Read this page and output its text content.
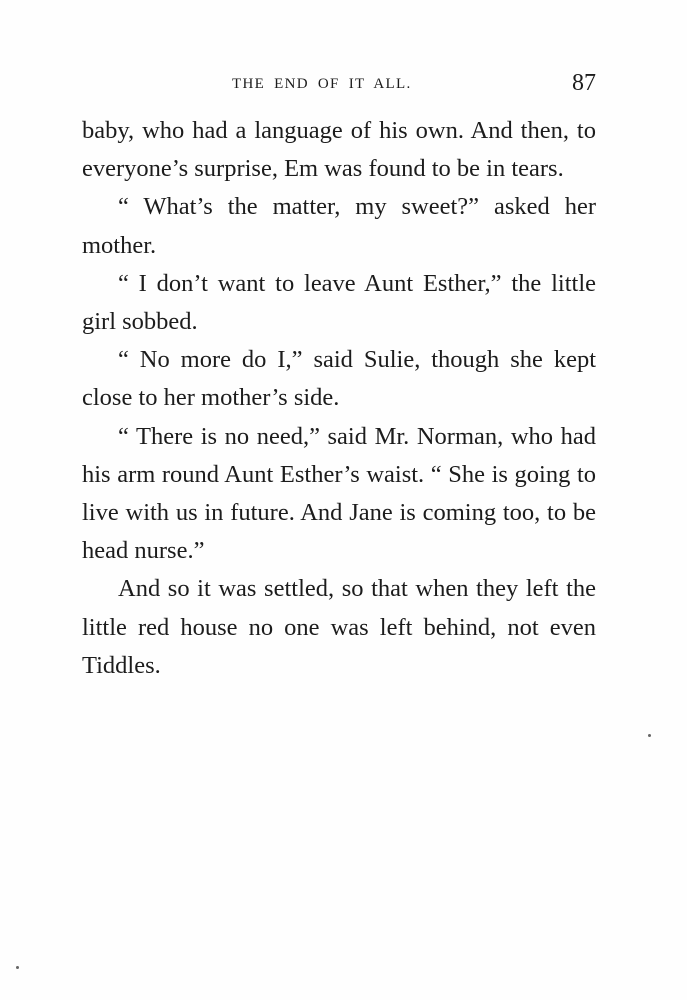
THE END OF IT ALL.	87

baby, who had a language of his own. And then, to everyone’s surprise, Em was found to be in tears.

“ What’s the matter, my sweet?” asked her mother.

“ I don’t want to leave Aunt Esther,” the little girl sobbed.

“ No more do I,” said Sulie, though she kept close to her mother’s side.

“ There is no need,” said Mr. Norman, who had his arm round Aunt Esther’s waist. “ She is going to live with us in future. And Jane is coming too, to be head nurse.”

And so it was settled, so that when they left the little red house no one was left behind, not even Tiddles.
